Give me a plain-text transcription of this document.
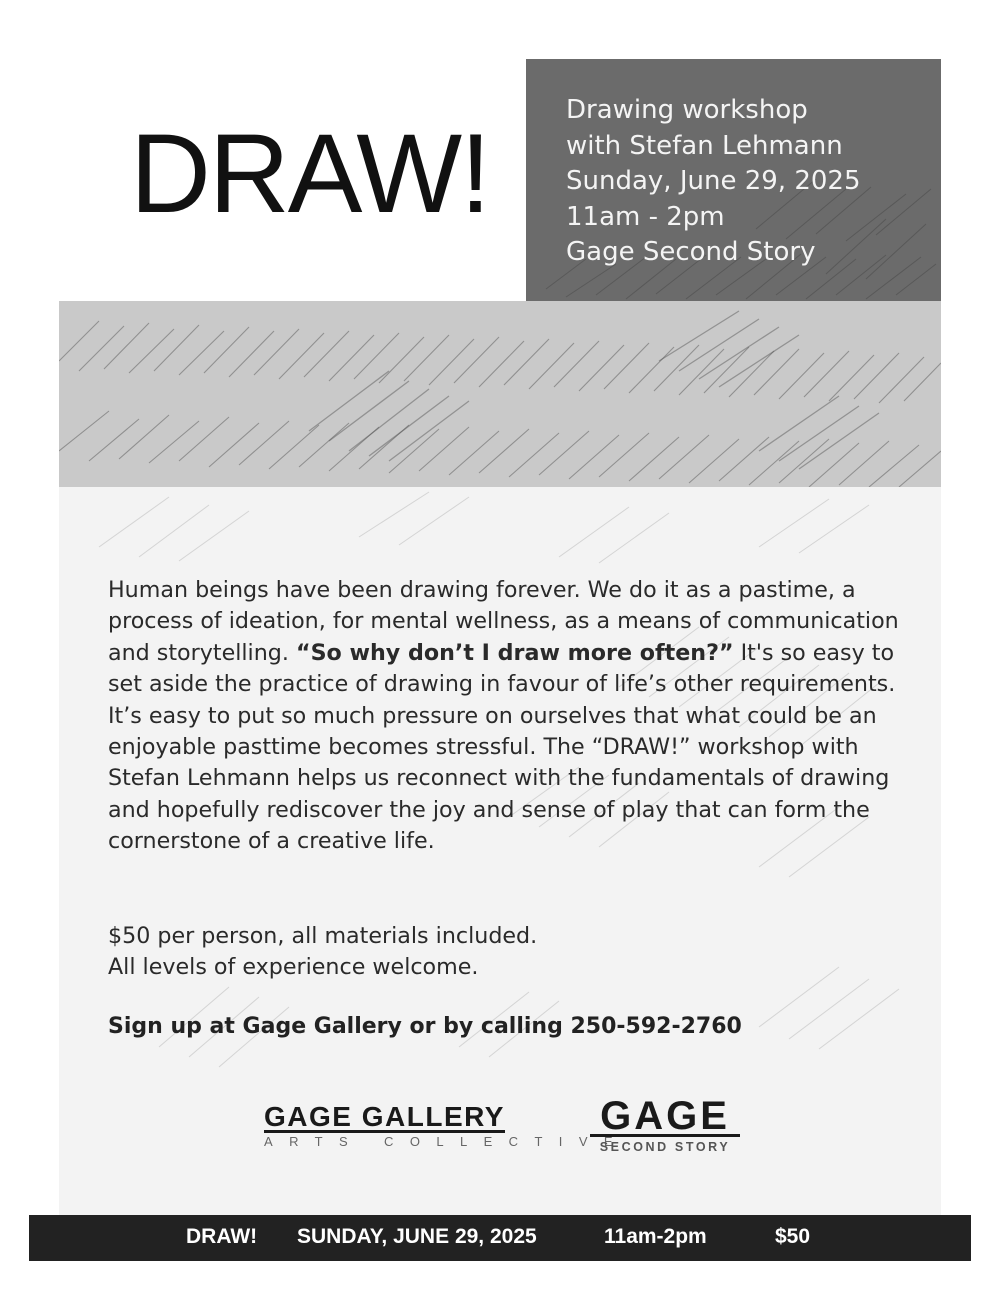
DRAW!
Drawing workshop
with Stefan Lehmann
Sunday, June 29, 2025
11am - 2pm
Gage Second Story

Human beings have been drawing forever. We do it as a pastime, a process of ideation, for mental wellness, as a means of communication and storytelling. “So why don’t I draw more often?” It's so easy to set aside the practice of drawing in favour of life’s other requirements. It’s easy to put so much pressure on ourselves that what could be an enjoyable pasttime becomes stressful. The “DRAW!” workshop with Stefan Lehmann helps us reconnect with the fundamentals of drawing and hopefully rediscover the joy and sense of play that can form the cornerstone of a creative life.

$50 per person, all materials included.
All levels of experience welcome.
Sign up at Gage Gallery or by calling 250-592-2760
GAGE GALLERY
ARTS COLLECTIVE
GAGE
SECOND STORY
DRAW! SUNDAY, JUNE 29, 2025	11am-2pm	$50
